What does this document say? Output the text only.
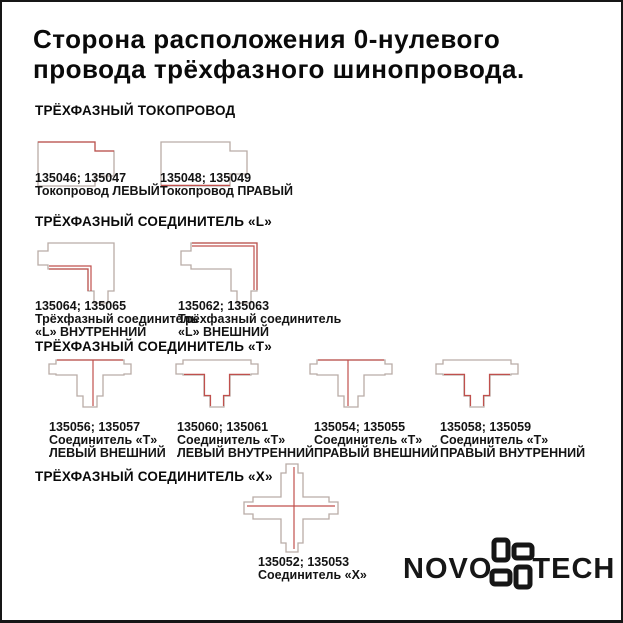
Сторона расположения 0-нулевого
провода трёхфазного шинопровода.
ТРЁХФАЗНЫЙ ТОКОПРОВОД
135046; 135047
Токопровод ЛЕВЫЙ
135048; 135049
Токопровод ПРАВЫЙ
ТРЁХФАЗНЫЙ СОЕДИНИТЕЛЬ «L»
135064; 135065
Трёхфазный соединитель
«L» ВНУТРЕННИЙ
135062; 135063
Трёхфазный соединитель
«L» ВНЕШНИЙ
ТРЁХФАЗНЫЙ СОЕДИНИТЕЛЬ «Т»
135056; 135057
Соединитель «Т»
ЛЕВЫЙ ВНЕШНИЙ
135060; 135061
Соединитель «Т»
ЛЕВЫЙ ВНУТРЕННИЙ
135054; 135055
Соединитель «Т»
ПРАВЫЙ ВНЕШНИЙ
135058; 135059
Соединитель «Т»
ПРАВЫЙ ВНУТРЕННИЙ
ТРЁХФАЗНЫЙ СОЕДИНИТЕЛЬ «Х»
135052; 135053
Соединитель «Х» NOVO TECH
